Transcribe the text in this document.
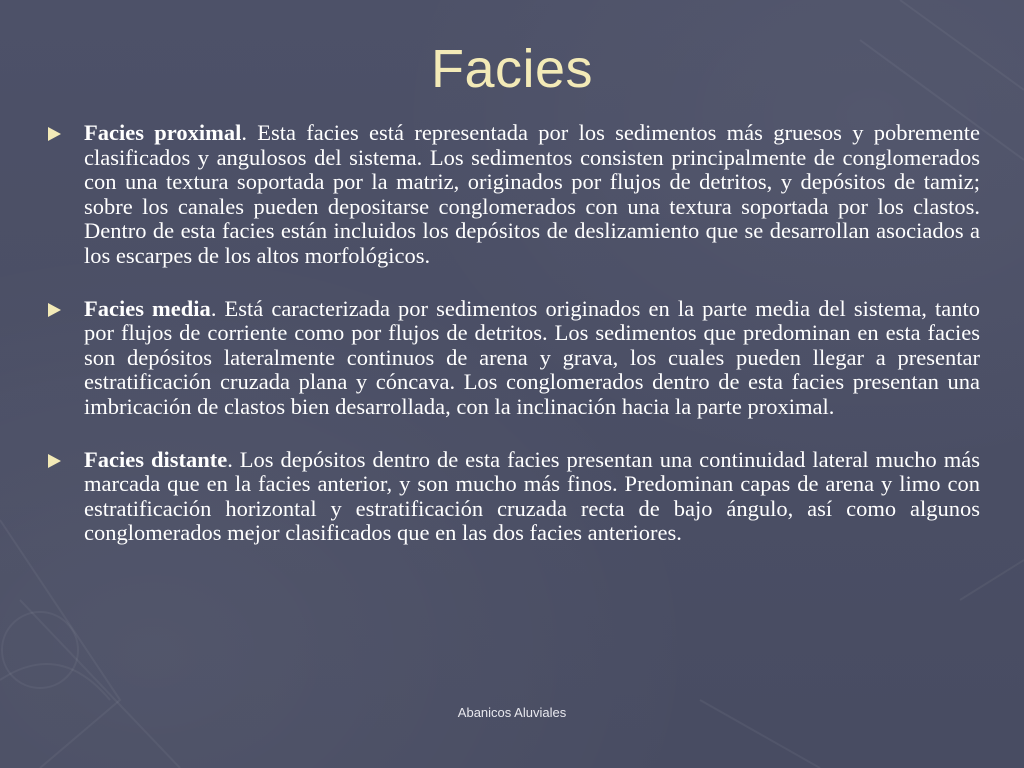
Facies
Facies proximal. Esta facies está representada por los sedimentos más gruesos y pobremente clasificados y angulosos del sistema. Los sedimentos consisten principalmente de conglomerados con una textura soportada por la matriz, originados por flujos de detritos, y depósitos de tamiz; sobre los canales pueden depositarse conglomerados con una textura soportada por los clastos. Dentro de esta facies están incluidos los depósitos de deslizamiento que se desarrollan asociados a los escarpes de los altos morfológicos.
Facies media. Está caracterizada por sedimentos originados en la parte media del sistema, tanto por flujos de corriente como por flujos de detritos. Los sedimentos que predominan en esta facies son depósitos lateralmente continuos de arena y grava, los cuales pueden llegar a presentar estratificación cruzada plana y cóncava. Los conglomerados dentro de esta facies presentan una imbricación de clastos bien desarrollada, con la inclinación hacia la parte proximal.
Facies distante. Los depósitos dentro de esta facies presentan una continuidad lateral mucho más marcada que en la facies anterior, y son mucho más finos. Predominan capas de arena y limo con estratificación horizontal y estratificación cruzada recta de bajo ángulo, así como algunos conglomerados mejor clasificados que en las dos facies anteriores.
Abanicos Aluviales
